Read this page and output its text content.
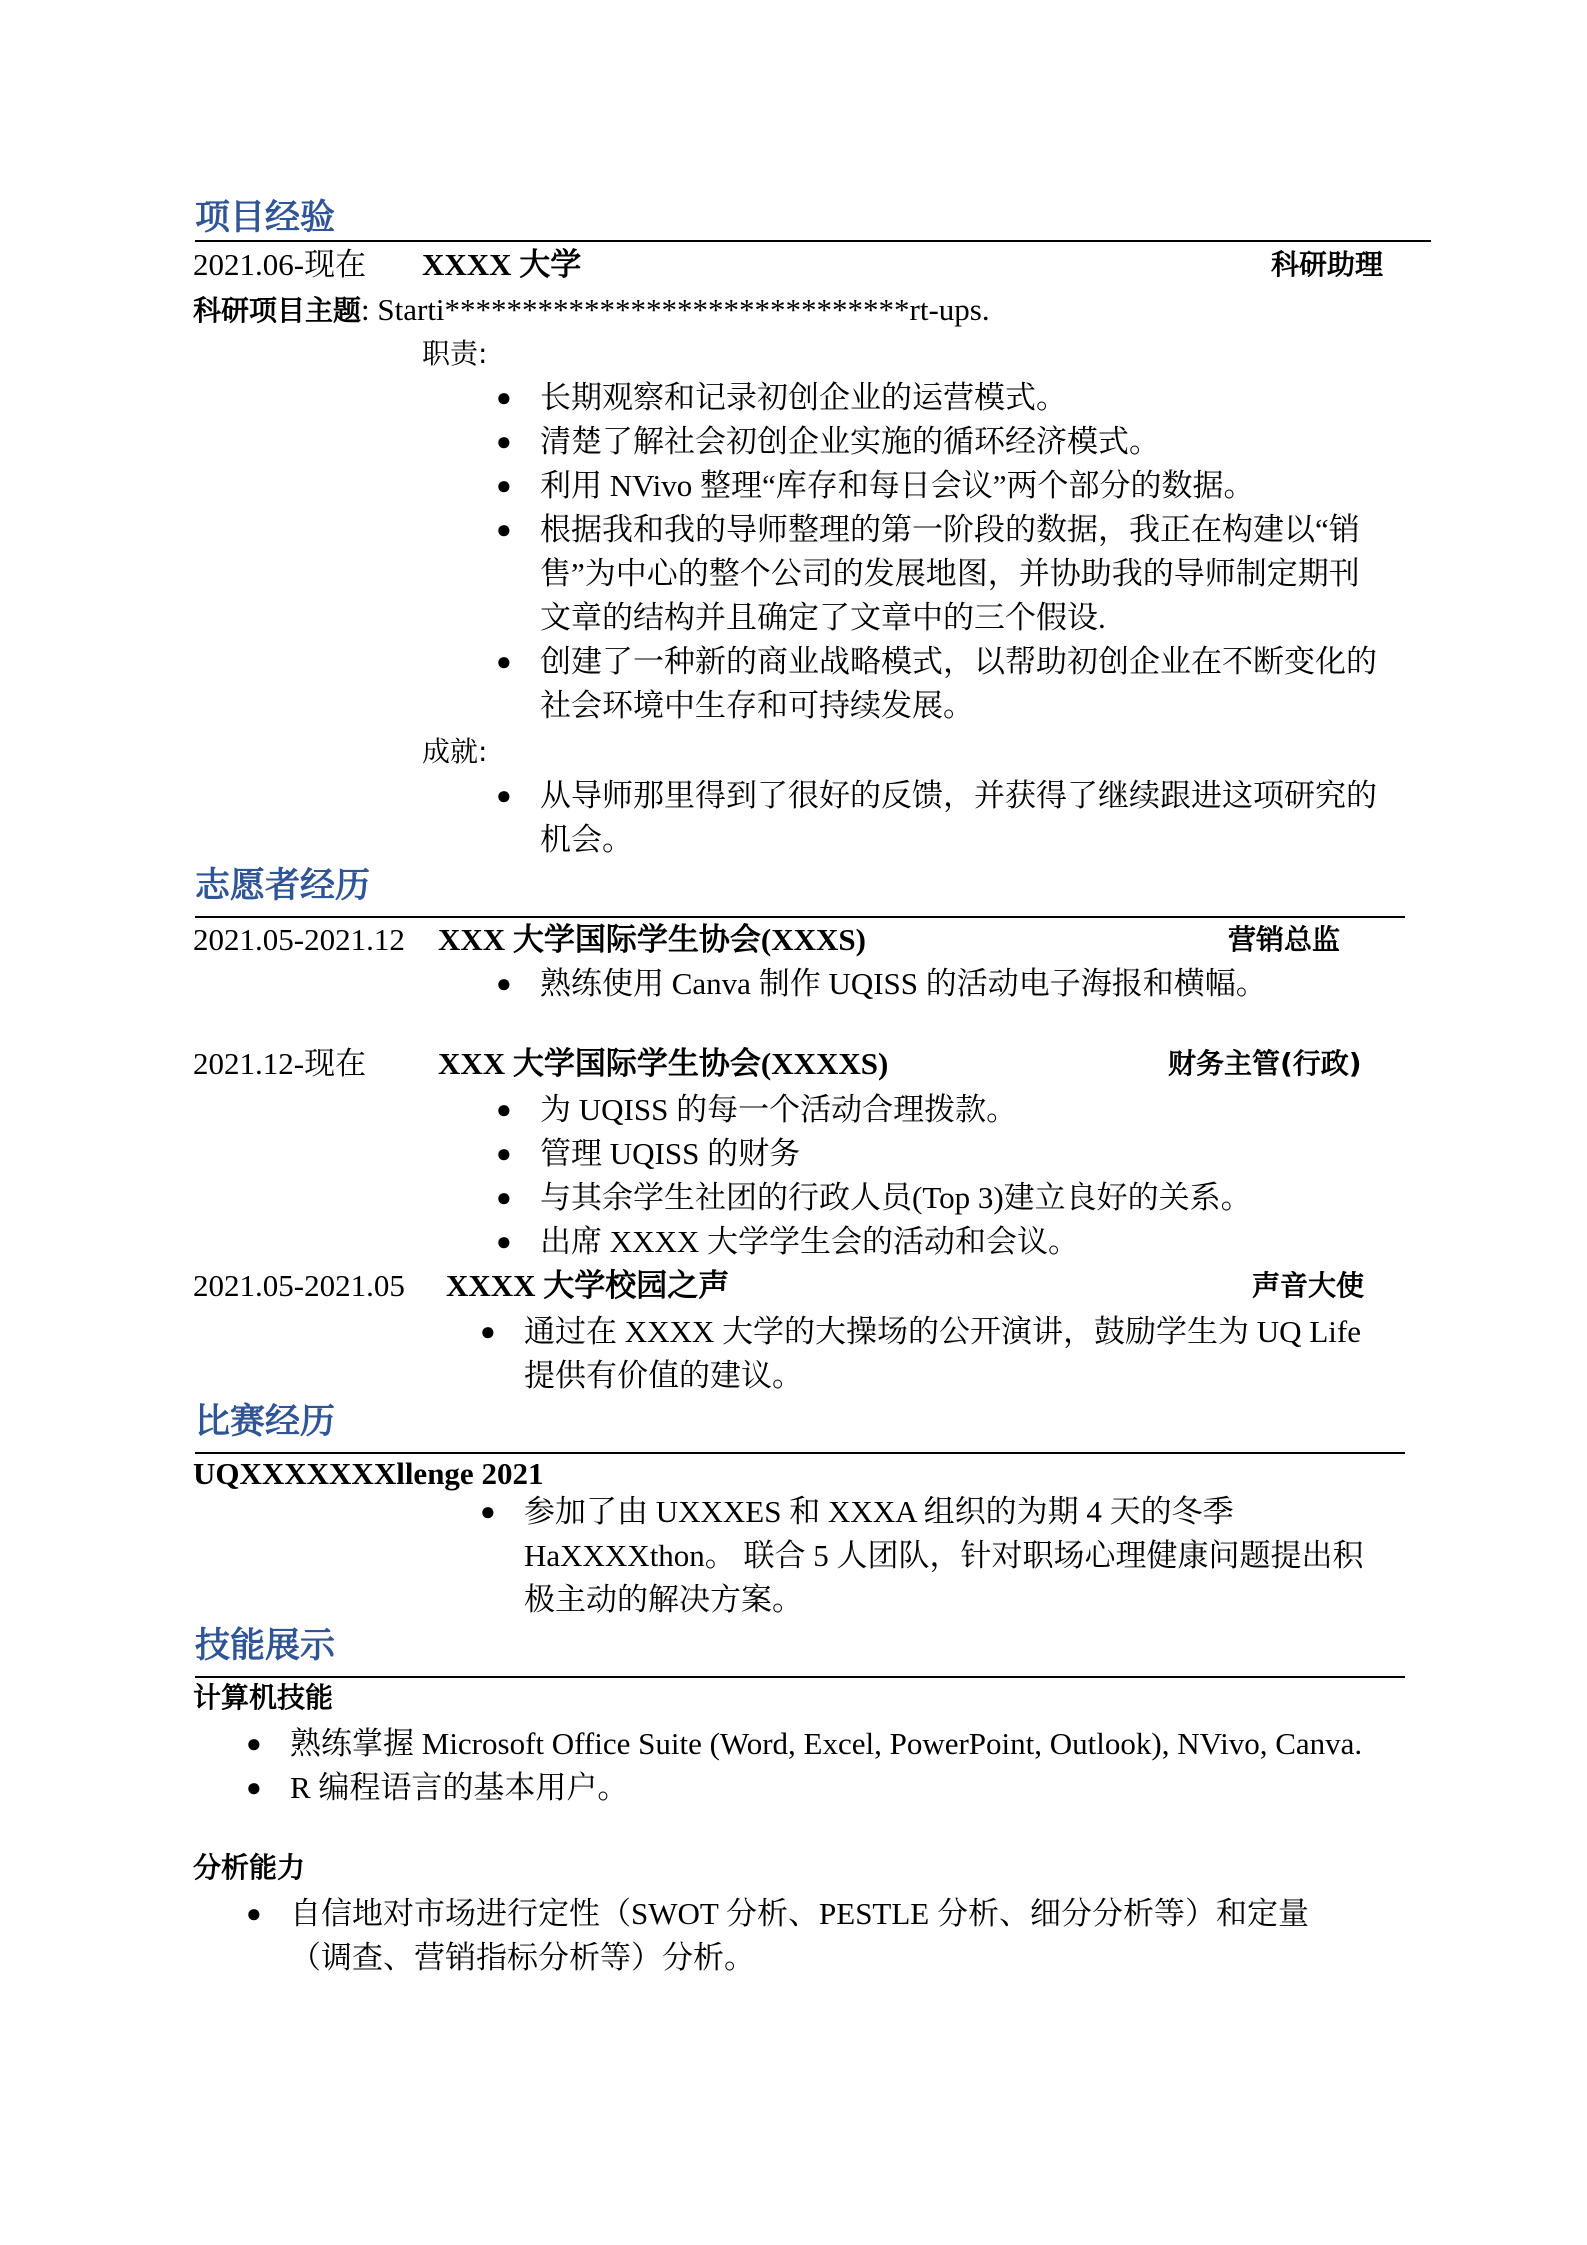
项目经验
2021.06-现在 XXXX 大学	科研助理
科研项目主题: Starti******************************rt-ups.
职责:
● 长期观察和记录初创企业的运营模式。
● 清楚了解社会初创企业实施的循环经济模式。
● 利用 NVivo 整理“库存和每日会议”两个部分的数据。
● 根据我和我的导师整理的第一阶段的数据，我正在构建以“销售”为中心的整个公司的发展地图，并协助我的导师制定期刊文章的结构并且确定了文章中的三个假设.
● 创建了一种新的商业战略模式，以帮助初创企业在不断变化的社会环境中生存和可持续发展。
成就:
● 从导师那里得到了很好的反馈，并获得了继续跟进这项研究的机会。
志愿者经历
2021.05-2021.12 XXX 大学国际学生协会(XXXS)	营销总监
● 熟练使用 Canva 制作 UQISS 的活动电子海报和横幅。
2021.12-现在 XXX 大学国际学生协会(XXXXS)	财务主管(行政)
● 为 UQISS 的每一个活动合理拨款。
● 管理 UQISS 的财务
● 与其余学生社团的行政人员(Top 3)建立良好的关系。
● 出席 XXXX 大学学生会的活动和会议。
2021.05-2021.05 XXXX 大学校园之声	声音大使
● 通过在 XXXX 大学的大操场的公开演讲，鼓励学生为 UQ Life 提供有价值的建议。
比赛经历
UQXXXXXXXllenge 2021
● 参加了由 UXXXES 和 XXXA 组织的为期 4 天的冬季 HaXXXXthon。 联合 5 人团队，针对职场心理健康问题提出积极主动的解决方案。
技能展示
计算机技能
● 熟练掌握 Microsoft Office Suite (Word, Excel, PowerPoint, Outlook), NVivo, Canva.
● R 编程语言的基本用户。
分析能力
● 自信地对市场进行定性（SWOT 分析、PESTLE 分析、细分分析等）和定量（调查、营销指标分析等）分析。
